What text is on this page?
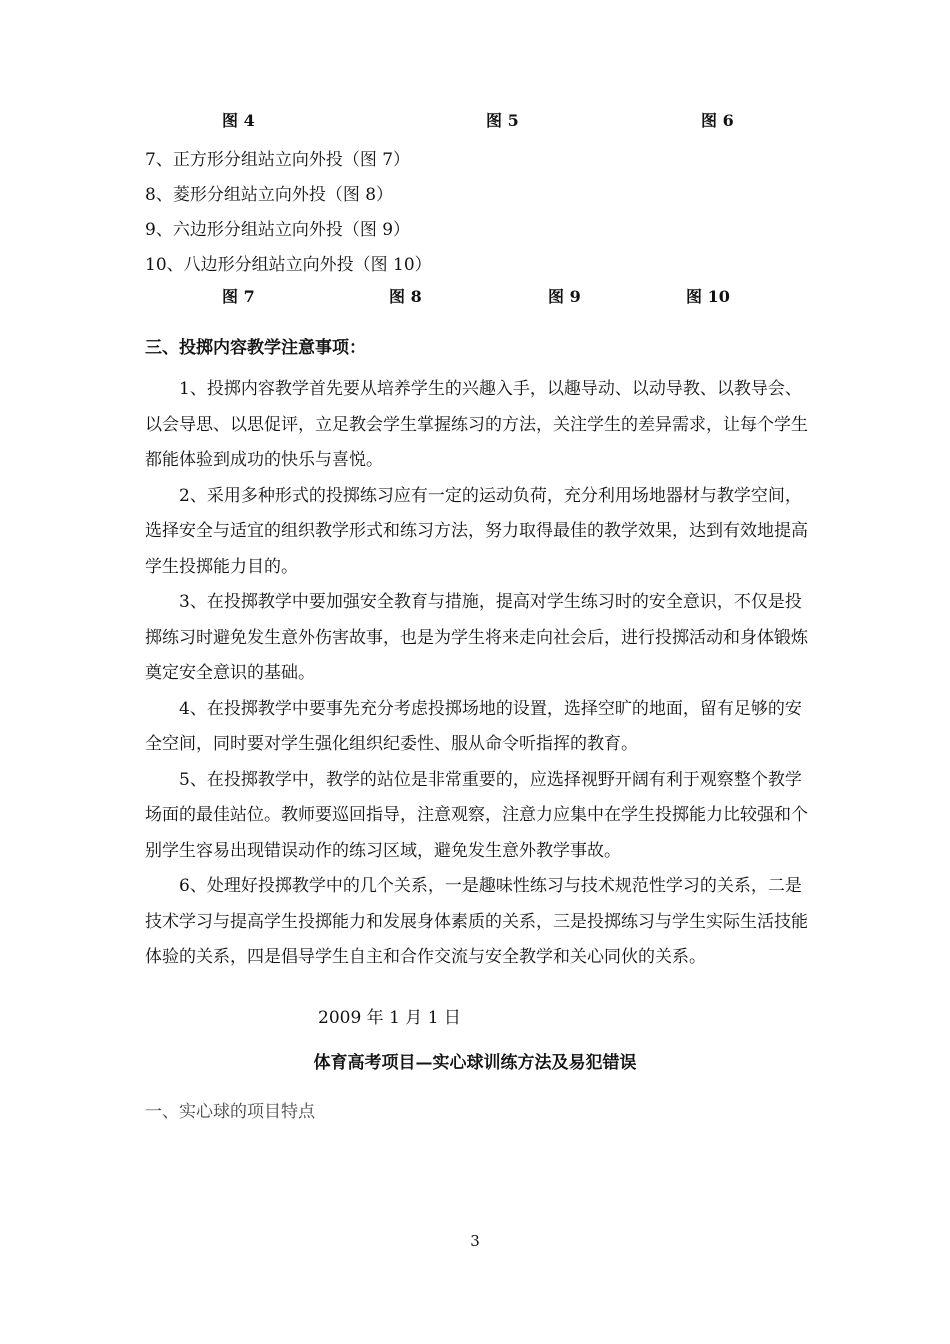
图 4	图 5	图 6
7、正方形分组站立向外投（图 7）
8、菱形分组站立向外投（图 8）
9、六边形分组站立向外投（图 9）
10、八边形分组站立向外投（图 10）
图 7	图 8	图 9	图 10
三、投掷内容教学注意事项：

1、投掷内容教学首先要从培养学生的兴趣入手，以趣导动、以动导教、以教导会、以会导思、以思促评，立足教会学生掌握练习的方法，关注学生的差异需求，让每个学生都能体验到成功的快乐与喜悦。

2、采用多种形式的投掷练习应有一定的运动负荷，充分利用场地器材与教学空间，选择安全与适宜的组织教学形式和练习方法，努力取得最佳的教学效果，达到有效地提高学生投掷能力目的。

3、在投掷教学中要加强安全教育与措施，提高对学生练习时的安全意识，不仅是投掷练习时避免发生意外伤害故事，也是为学生将来走向社会后，进行投掷活动和身体锻炼奠定安全意识的基础。

4、在投掷教学中要事先充分考虑投掷场地的设置，选择空旷的地面，留有足够的安全空间，同时要对学生强化组织纪委性、服从命令听指挥的教育。

5、在投掷教学中，教学的站位是非常重要的，应选择视野开阔有利于观察整个教学场面的最佳站位。教师要巡回指导，注意观察，注意力应集中在学生投掷能力比较强和个别学生容易出现错误动作的练习区域，避免发生意外教学事故。

6、处理好投掷教学中的几个关系，一是趣味性练习与技术规范性学习的关系，二是技术学习与提高学生投掷能力和发展身体素质的关系，三是投掷练习与学生实际生活技能体验的关系，四是倡导学生自主和合作交流与安全教学和关心同伙的关系。

2009 年 1 月 1 日
体育高考项目—实心球训练方法及易犯错误
一、实心球的项目特点
3
